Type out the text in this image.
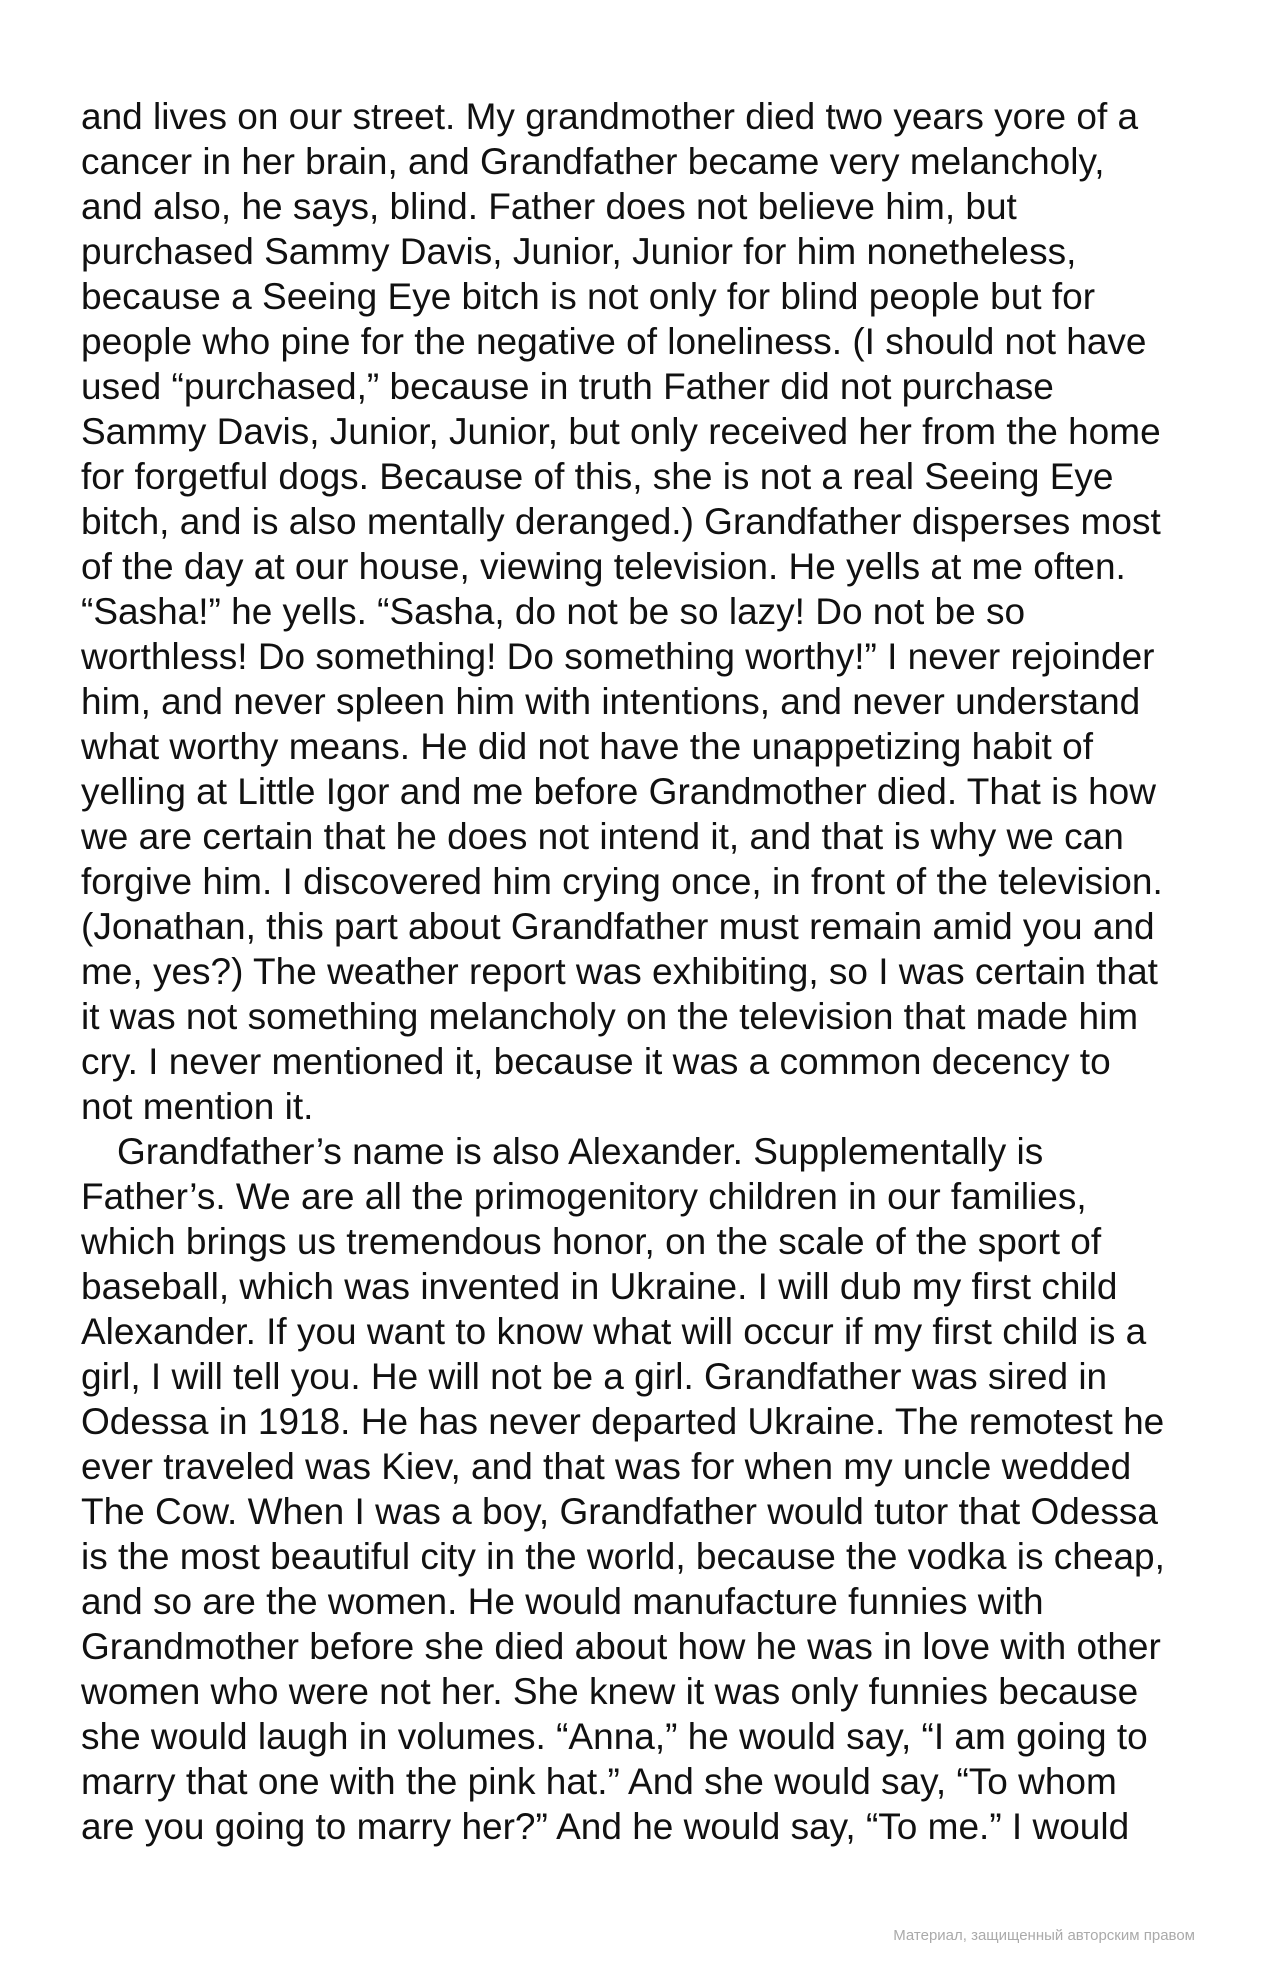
and lives on our street. My grandmother died two years yore of a
cancer in her brain, and Grandfather became very melancholy,
and also, he says, blind. Father does not believe him, but
purchased Sammy Davis, Junior, Junior for him nonetheless,
because a Seeing Eye bitch is not only for blind people but for
people who pine for the negative of loneliness. (I should not have
used “purchased,” because in truth Father did not purchase
Sammy Davis, Junior, Junior, but only received her from the home
for forgetful dogs. Because of this, she is not a real Seeing Eye
bitch, and is also mentally deranged.) Grandfather disperses most
of the day at our house, viewing television. He yells at me often.
“Sasha!” he yells. “Sasha, do not be so lazy! Do not be so
worthless! Do something! Do something worthy!” I never rejoinder
him, and never spleen him with intentions, and never understand
what worthy means. He did not have the unappetizing habit of
yelling at Little Igor and me before Grandmother died. That is how
we are certain that he does not intend it, and that is why we can
forgive him. I discovered him crying once, in front of the television.
(Jonathan, this part about Grandfather must remain amid you and
me, yes?) The weather report was exhibiting, so I was certain that
it was not something melancholy on the television that made him
cry. I never mentioned it, because it was a common decency to
not mention it.

Grandfather’s name is also Alexander. Supplementally is
Father’s. We are all the primogenitory children in our families,
which brings us tremendous honor, on the scale of the sport of
baseball, which was invented in Ukraine. I will dub my first child
Alexander. If you want to know what will occur if my first child is a
girl, I will tell you. He will not be a girl. Grandfather was sired in
Odessa in 1918. He has never departed Ukraine. The remotest he
ever traveled was Kiev, and that was for when my uncle wedded
The Cow. When I was a boy, Grandfather would tutor that Odessa
is the most beautiful city in the world, because the vodka is cheap,
and so are the women. He would manufacture funnies with
Grandmother before she died about how he was in love with other
women who were not her. She knew it was only funnies because
she would laugh in volumes. “Anna,” he would say, “I am going to
marry that one with the pink hat.” And she would say, “To whom
are you going to marry her?” And he would say, “To me.” I would

Материал, защищенный авторским правом
